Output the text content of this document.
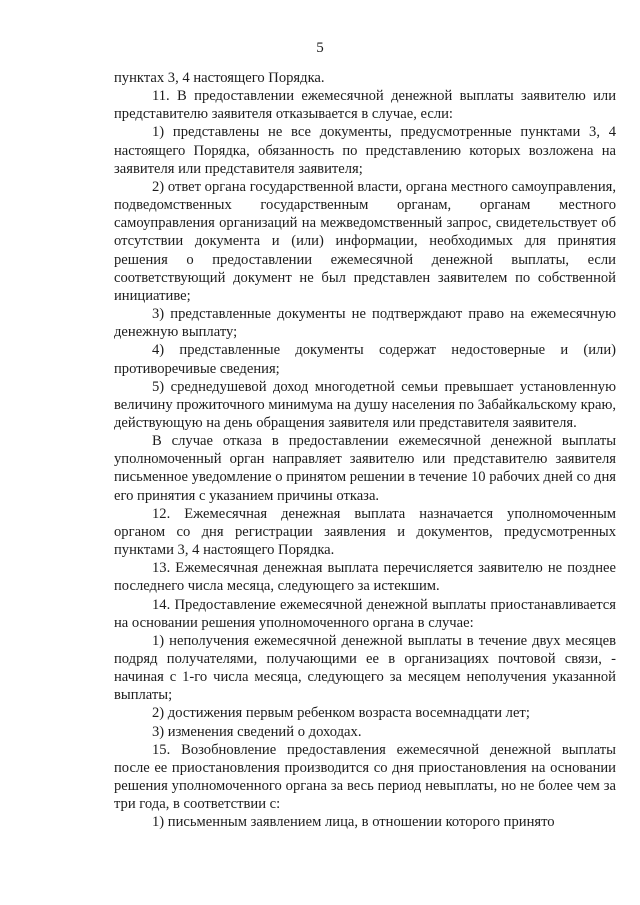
5

пунктах 3, 4 настоящего Порядка.

11. В предоставлении ежемесячной денежной выплаты заявителю или представителю заявителя отказывается в случае, если:

1) представлены не все документы, предусмотренные пунктами 3, 4 настоящего Порядка, обязанность по представлению которых возложена на заявителя или представителя заявителя;

2) ответ органа государственной власти, органа местного самоуправления, подведомственных государственным органам, органам местного самоуправления организаций на межведомственный запрос, свидетельствует об отсутствии документа и (или) информации, необходимых для принятия решения о предоставлении ежемесячной денежной выплаты, если соответствующий документ не был представлен заявителем по собственной инициативе;

3) представленные документы не подтверждают право на ежемесячную денежную выплату;

4) представленные документы содержат недостоверные и (или) противоречивые сведения;

5) среднедушевой доход многодетной семьи превышает установленную величину прожиточного минимума на душу населения по Забайкальскому краю, действующую на день обращения заявителя или представителя заявителя.

В случае отказа в предоставлении ежемесячной денежной выплаты уполномоченный орган направляет заявителю или представителю заявителя письменное уведомление о принятом решении в течение 10 рабочих дней со дня его принятия с указанием причины отказа.

12. Ежемесячная денежная выплата назначается уполномоченным органом со дня регистрации заявления и документов, предусмотренных пунктами 3, 4 настоящего Порядка.

13. Ежемесячная денежная выплата перечисляется заявителю не позднее последнего числа месяца, следующего за истекшим.

14. Предоставление ежемесячной денежной выплаты приостанавливается на основании решения уполномоченного органа в случае:

1) неполучения ежемесячной денежной выплаты в течение двух месяцев подряд получателями, получающими ее в организациях почтовой связи, - начиная с 1-го числа месяца, следующего за месяцем неполучения указанной выплаты;

2) достижения первым ребенком возраста восемнадцати лет;

3) изменения сведений о доходах.

15. Возобновление предоставления ежемесячной денежной выплаты после ее приостановления производится со дня приостановления на основании решения уполномоченного органа за весь период невыплаты, но не более чем за три года, в соответствии с:

1) письменным заявлением лица, в отношении которого принято
